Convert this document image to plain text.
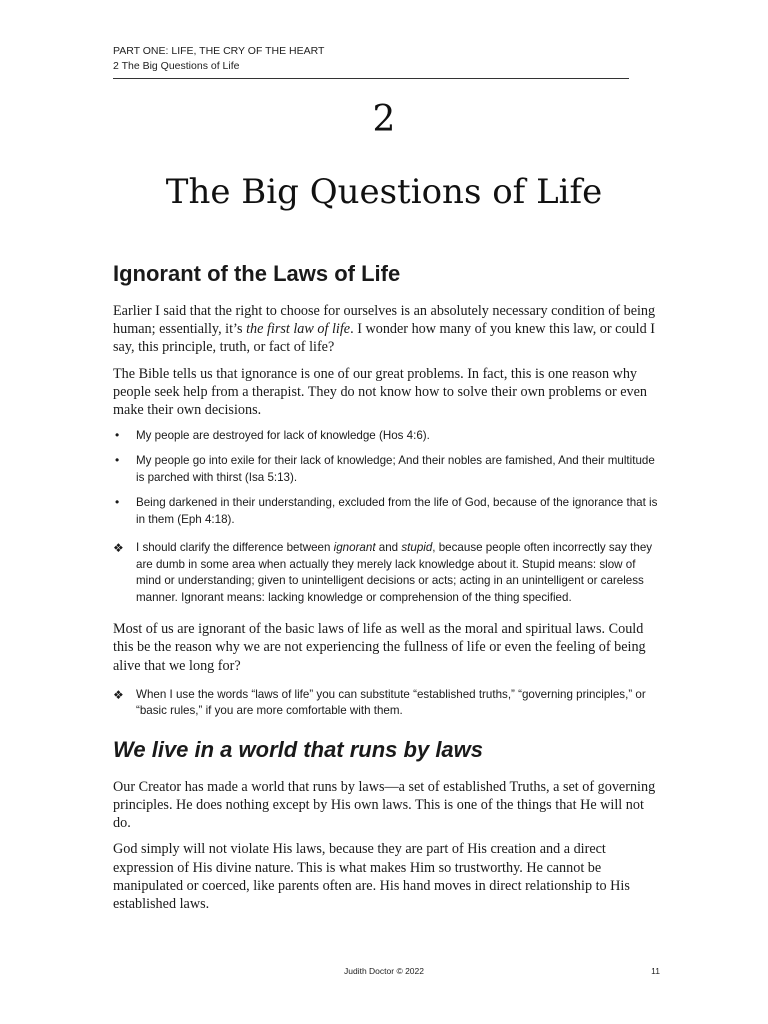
PART ONE: LIFE, THE CRY OF THE HEART
2 The Big Questions of Life
2
The Big Questions of Life
Ignorant of the Laws of Life

Earlier I said that the right to choose for ourselves is an absolutely necessary condition of being human; essentially, it’s the first law of life. I wonder how many of you knew this law, or could I say, this principle, truth, or fact of life?

The Bible tells us that ignorance is one of our great problems. In fact, this is one reason why people seek help from a therapist. They do not know how to solve their own problems or even make their own decisions.

• My people are destroyed for lack of knowledge (Hos 4:6).
• My people go into exile for their lack of knowledge; And their nobles are famished, And their multitude is parched with thirst (Isa 5:13).
• Being darkened in their understanding, excluded from the life of God, because of the ignorance that is in them (Eph 4:18).
❖ I should clarify the difference between ignorant and stupid, because people often incorrectly say they are dumb in some area when actually they merely lack knowledge about it. Stupid means: slow of mind or understanding; given to unintelligent decisions or acts; acting in an unintelligent or careless manner. Ignorant means: lacking knowledge or comprehension of the thing specified.

Most of us are ignorant of the basic laws of life as well as the moral and spiritual laws. Could this be the reason why we are not experiencing the fullness of life or even the feeling of being alive that we long for?

❖ When I use the words “laws of life” you can substitute “established truths,” “governing principles,” or “basic rules,” if you are more comfortable with them.
We live in a world that runs by laws

Our Creator has made a world that runs by laws—a set of established Truths, a set of governing principles. He does nothing except by His own laws. This is one of the things that He will not do.

God simply will not violate His laws, because they are part of His creation and a direct expression of His divine nature. This is what makes Him so trustworthy. He cannot be manipulated or coerced, like parents often are. His hand moves in direct relationship to His established laws.

Judith Doctor © 2022	11
